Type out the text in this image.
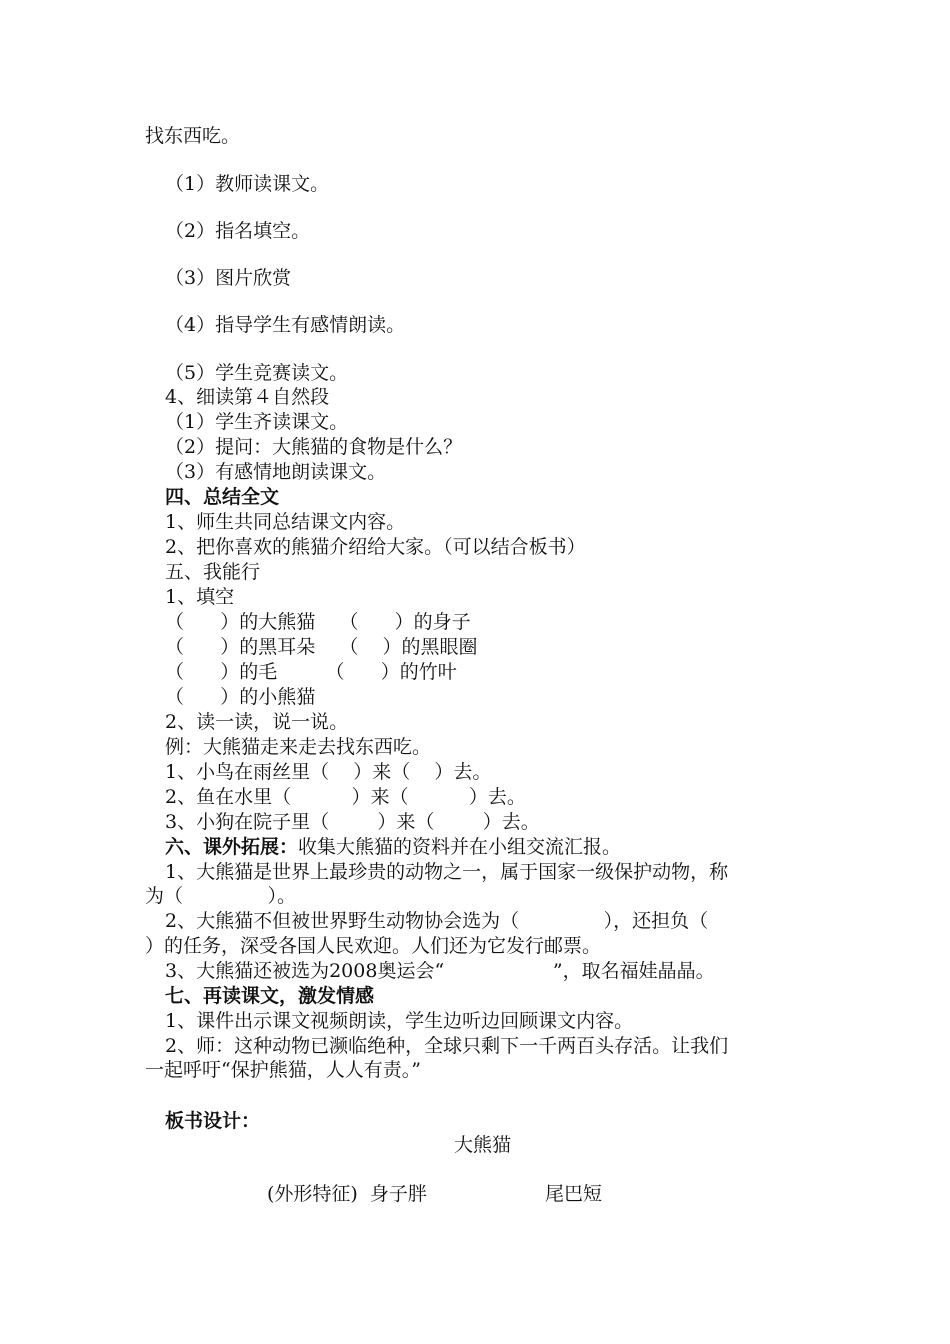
找东西吃。
（1）教师读课文。
（2）指名填空。
（3）图片欣赏
（4）指导学生有感情朗读。
（5）学生竞赛读文。
4、细读第４自然段
（1）学生齐读课文。
（2）提问：大熊猫的食物是什么？
（3）有感情地朗读课文。
四、总结全文
1、师生共同总结课文内容。
2、把你喜欢的熊猫介绍给大家。（可以结合板书）
五、我能行
1、填空
（      ）的大熊猫    （      ）的身子
（      ）的黑耳朵    （    ）的黑眼圈
（      ）的毛        （      ）的竹叶
（      ）的小熊猫
2、读一读，说一说。
例：大熊猫走来走去找东西吃。
1、小鸟在雨丝里（    ）来（    ）去。
2、鱼在水里（          ）来（          ）去。
3、小狗在院子里（        ）来（        ）去。
六、课外拓展：收集大熊猫的资料并在小组交流汇报。
1、大熊猫是世界上最珍贵的动物之一，属于国家一级保护动物，称
为（              ）。
2、大熊猫不但被世界野生动物协会选为（              ），还担负（
）的任务，深受各国人民欢迎。人们还为它发行邮票。
3、大熊猫还被选为2008奥运会“                  ”，取名福娃晶晶。
七、再读课文，激发情感
1、课件出示课文视频朗读，学生边听边回顾课文内容。
2、师：这种动物已濒临绝种，全球只剩下一千两百头存活。让我们
一起呼吁“保护熊猫，人人有责。”
板书设计：
大熊猫
(外形特征)  身子胖	尾巴短
